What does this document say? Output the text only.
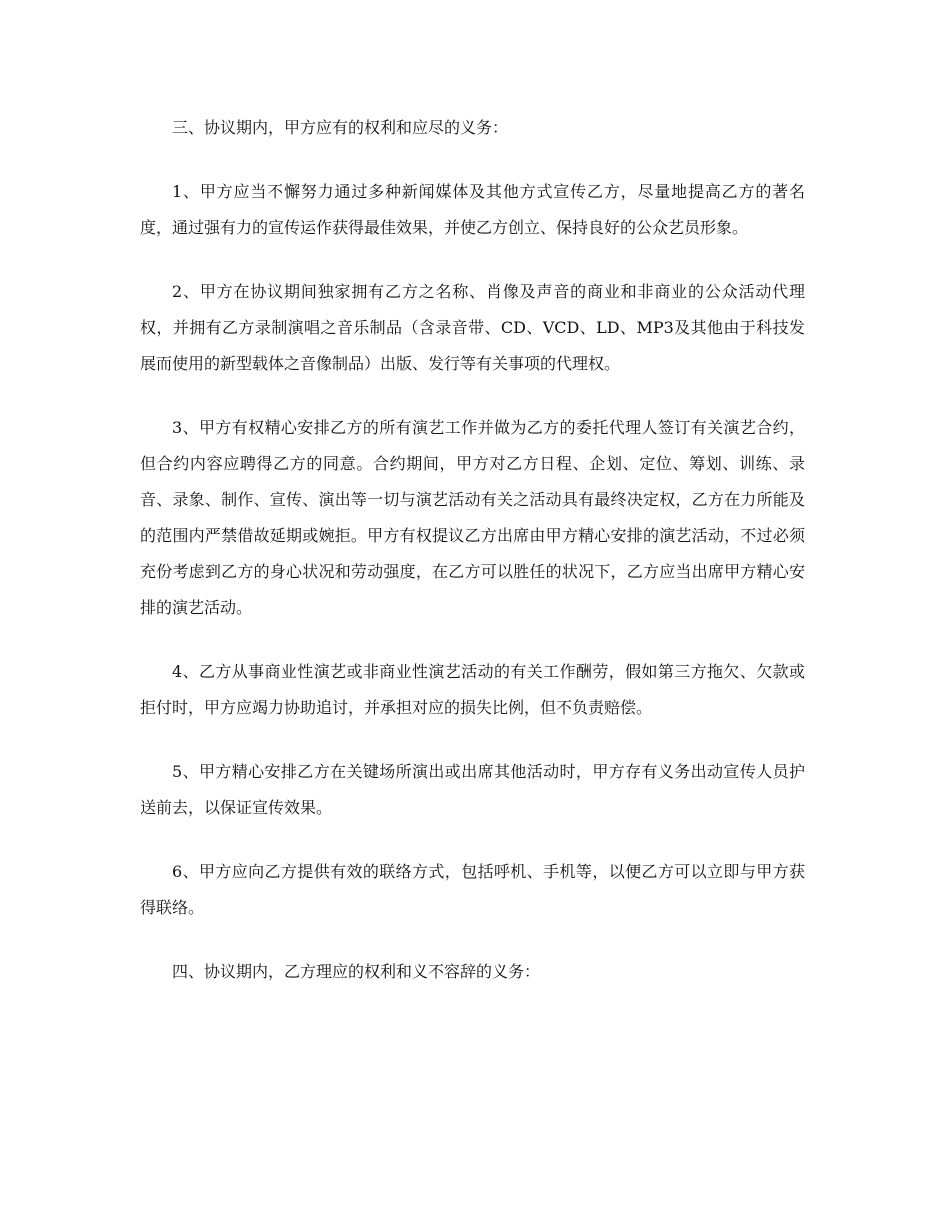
三、协议期内，甲方应有的权利和应尽的义务：

1、甲方应当不懈努力通过多种新闻媒体及其他方式宣传乙方，尽量地提高乙方的著名度，通过强有力的宣传运作获得最佳效果，并使乙方创立、保持良好的公众艺员形象。

2、甲方在协议期间独家拥有乙方之名称、肖像及声音的商业和非商业的公众活动代理权，并拥有乙方录制演唱之音乐制品（含录音带、CD、VCD、LD、MP3及其他由于科技发展而使用的新型载体之音像制品）出版、发行等有关事项的代理权。

3、甲方有权精心安排乙方的所有演艺工作并做为乙方的委托代理人签订有关演艺合约，但合约内容应聘得乙方的同意。合约期间，甲方对乙方日程、企划、定位、筹划、训练、录音、录象、制作、宣传、演出等一切与演艺活动有关之活动具有最终决定权，乙方在力所能及的范围内严禁借故延期或婉拒。甲方有权提议乙方出席由甲方精心安排的演艺活动，不过必须充份考虑到乙方的身心状况和劳动强度，在乙方可以胜任的状况下，乙方应当出席甲方精心安排的演艺活动。

4、乙方从事商业性演艺或非商业性演艺活动的有关工作酬劳，假如第三方拖欠、欠款或拒付时，甲方应竭力协助追讨，并承担对应的损失比例，但不负责赔偿。

5、甲方精心安排乙方在关键场所演出或出席其他活动时，甲方存有义务出动宣传人员护送前去，以保证宣传效果。

6、甲方应向乙方提供有效的联络方式，包括呼机、手机等，以便乙方可以立即与甲方获得联络。

四、协议期内，乙方理应的权利和义不容辞的义务：
